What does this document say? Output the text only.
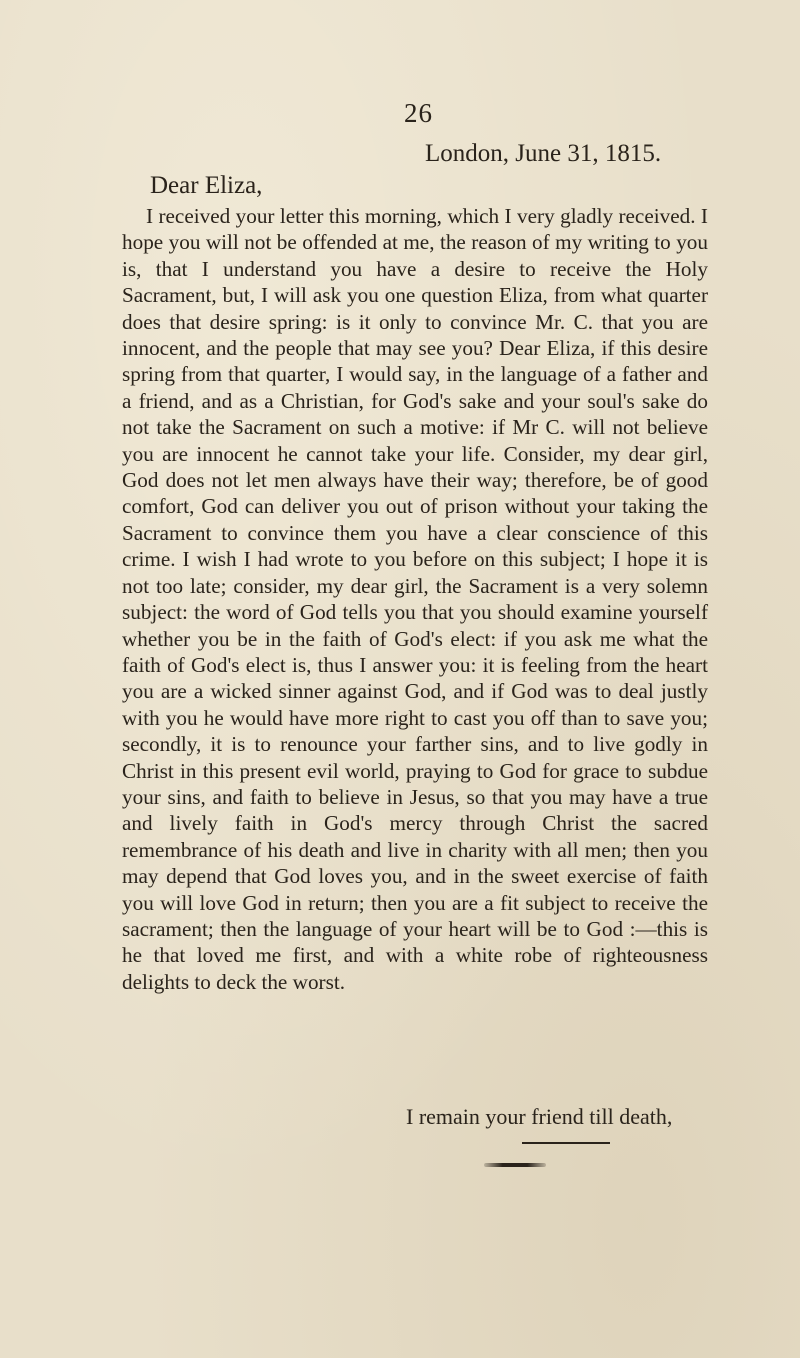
26
London, June 31, 1815.
Dear Eliza,

I received your letter this morning, which I very gladly received. I hope you will not be offended at me, the reason of my writing to you is, that I understand you have a desire to receive the Holy Sacrament, but, I will ask you one question Eliza, from what quarter does that desire spring: is it only to convince Mr. C. that you are innocent, and the people that may see you? Dear Eliza, if this desire spring from that quarter, I would say, in the language of a father and a friend, and as a Christian, for God's sake and your soul's sake do not take the Sacrament on such a motive: if Mr C. will not believe you are innocent he cannot take your life. Consider, my dear girl, God does not let men always have their way; therefore, be of good comfort, God can deliver you out of prison without your taking the Sacrament to convince them you have a clear conscience of this crime. I wish I had wrote to you before on this subject; I hope it is not too late; consider, my dear girl, the Sacrament is a very solemn subject: the word of God tells you that you should examine yourself whether you be in the faith of God's elect: if you ask me what the faith of God's elect is, thus I answer you: it is feeling from the heart you are a wicked sinner against God, and if God was to deal justly with you he would have more right to cast you off than to save you; secondly, it is to renounce your farther sins, and to live godly in Christ in this present evil world, praying to God for grace to subdue your sins, and faith to believe in Jesus, so that you may have a true and lively faith in God's mercy through Christ the sacred remembrance of his death and live in charity with all men; then you may depend that God loves you, and in the sweet exercise of faith you will love God in return; then you are a fit subject to receive the sacrament; then the language of your heart will be to God :—this is he that loved me first, and with a white robe of righteousness delights to deck the worst.

I remain your friend till death,
